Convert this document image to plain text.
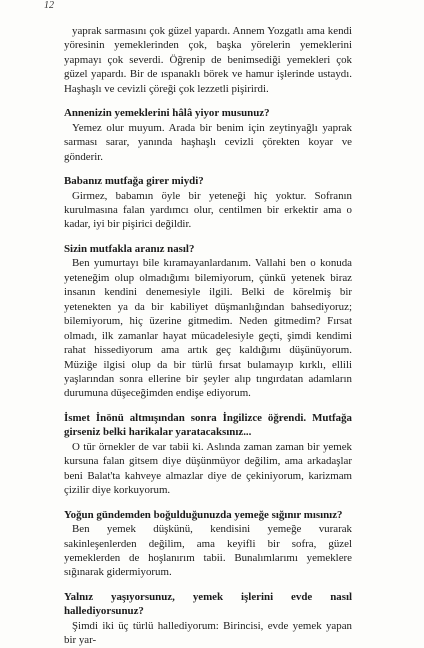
12

yaprak sarmasını çok güzel yapardı. Annem Yozgatlı ama kendi yöresinin yemeklerinden çok, başka yörelerin yemeklerini yapmayı çok severdi. Öğrenip de benimsediği yemekleri çok güzel yapardı. Bir de ıspanaklı börek ve hamur işlerinde ustaydı. Haşhaşlı ve cevizli çöreği çok lezzetli pişirirdi.

Annenizin yemeklerini hâlâ yiyor musunuz?

Yemez olur muyum. Arada bir benim için zeytinyağlı yaprak sarması sarar, yanında haşhaşlı cevizli çörekten koyar ve gönderir.

Babanız mutfağa girer miydi?

Girmez, babamın öyle bir yeteneği hiç yoktur. Sofranın kurulmasına falan yardımcı olur, centilmen bir erkektir ama o kadar, iyi bir pişirici değildir.

Sizin mutfakla aranız nasıl?

Ben yumurtayı bile kıramayanlardanım. Vallahi ben o konuda yeteneğim olup olmadığımı bilemiyorum, çünkü yetenek biraz insanın kendini denemesiyle ilgili. Belki de körelmiş bir yetenekten ya da bir kabiliyet düşmanlığından bahsediyoruz; bilemiyorum, hiç üzerine gitmedim. Neden gitmedim? Fırsat olmadı, ilk zamanlar hayat mücadelesiyle geçti, şimdi kendimi rahat hissediyorum ama artık geç kaldığımı düşünüyorum. Müziğe ilgisi olup da bir türlü fırsat bulamayıp kırklı, ellili yaşlarından sonra ellerine bir şeyler alıp tıngırdatan adamların durumuna düşeceğimden endişe ediyorum.

İsmet İnönü altmışından sonra İngilizce öğrendi. Mutfağa girseniz belki harikalar yaratacaksınız...

O tür örnekler de var tabii ki. Aslında zaman zaman bir yemek kursuna falan gitsem diye düşünmüyor değilim, ama arkadaşlar beni Balat'ta kahveye almazlar diye de çekiniyorum, karizmam çizilir diye korkuyorum.

Yoğun gündemden boğulduğunuzda yemeğe sığınır mısınız?

Ben yemek düşkünü, kendisini yemeğe vurarak sakinleşenlerden değilim, ama keyifli bir sofra, güzel yemeklerden de hoşlanırım tabii. Bunalımlarımı yemeklere sığınarak gidermiyorum.

Yalnız yaşıyorsunuz, yemek işlerini evde nasıl hallediyorsunuz?

Şimdi iki üç türlü hallediyorum: Birincisi, evde yemek yapan bir yar-
